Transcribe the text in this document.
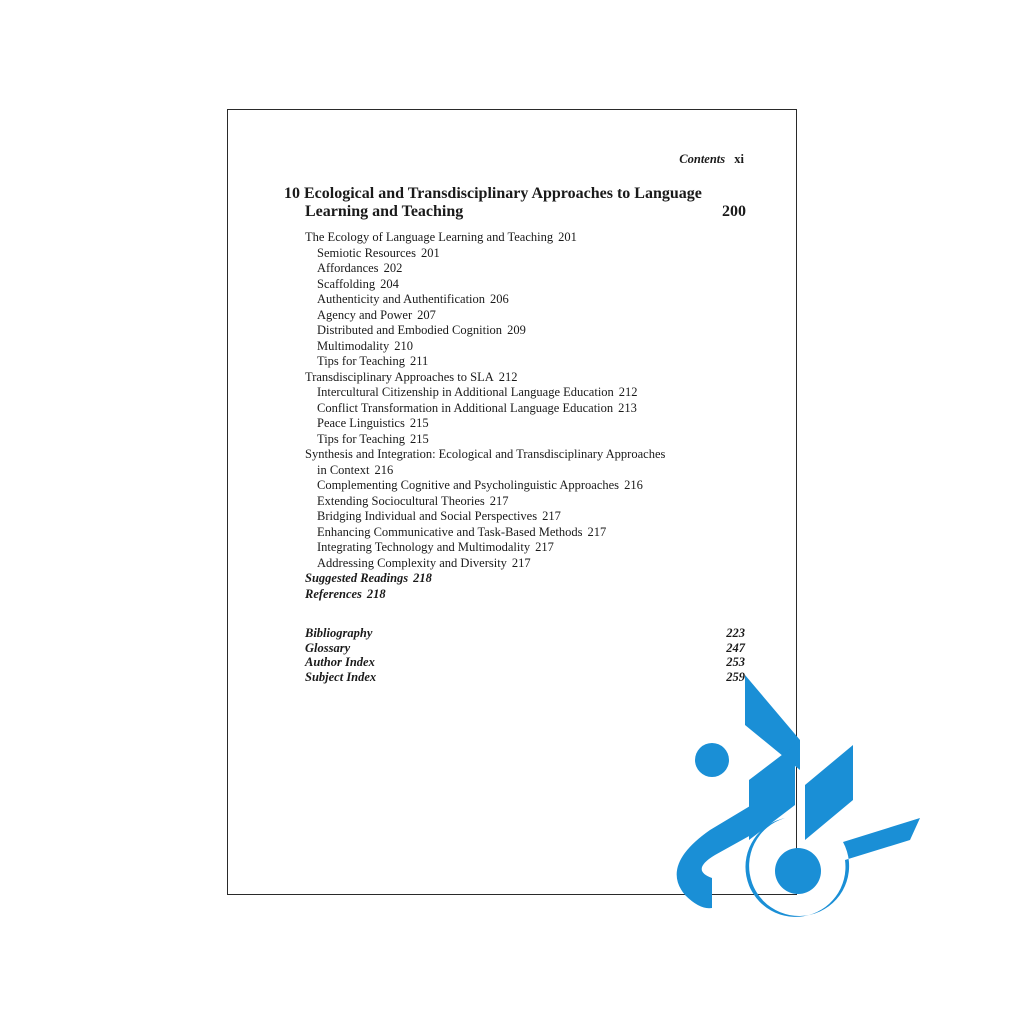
Contents xi
10 Ecological and Transdisciplinary Approaches to Language
Learning and Teaching	200
The Ecology of Language Learning and Teaching 201
Semiotic Resources 201
Affordances 202
Scaffolding 204
Authenticity and Authentification 206
Agency and Power 207
Distributed and Embodied Cognition 209
Multimodality 210
Tips for Teaching 211
Transdisciplinary Approaches to SLA 212
Intercultural Citizenship in Additional Language Education 212
Conflict Transformation in Additional Language Education 213
Peace Linguistics 215
Tips for Teaching 215
Synthesis and Integration: Ecological and Transdisciplinary Approaches
in Context 216
Complementing Cognitive and Psycholinguistic Approaches 216
Extending Sociocultural Theories 217
Bridging Individual and Social Perspectives 217
Enhancing Communicative and Task-Based Methods 217
Integrating Technology and Multimodality 217
Addressing Complexity and Diversity 217
Suggested Readings 218
References 218
Bibliography	223
Glossary	247
Author Index	253
Subject Index	259
